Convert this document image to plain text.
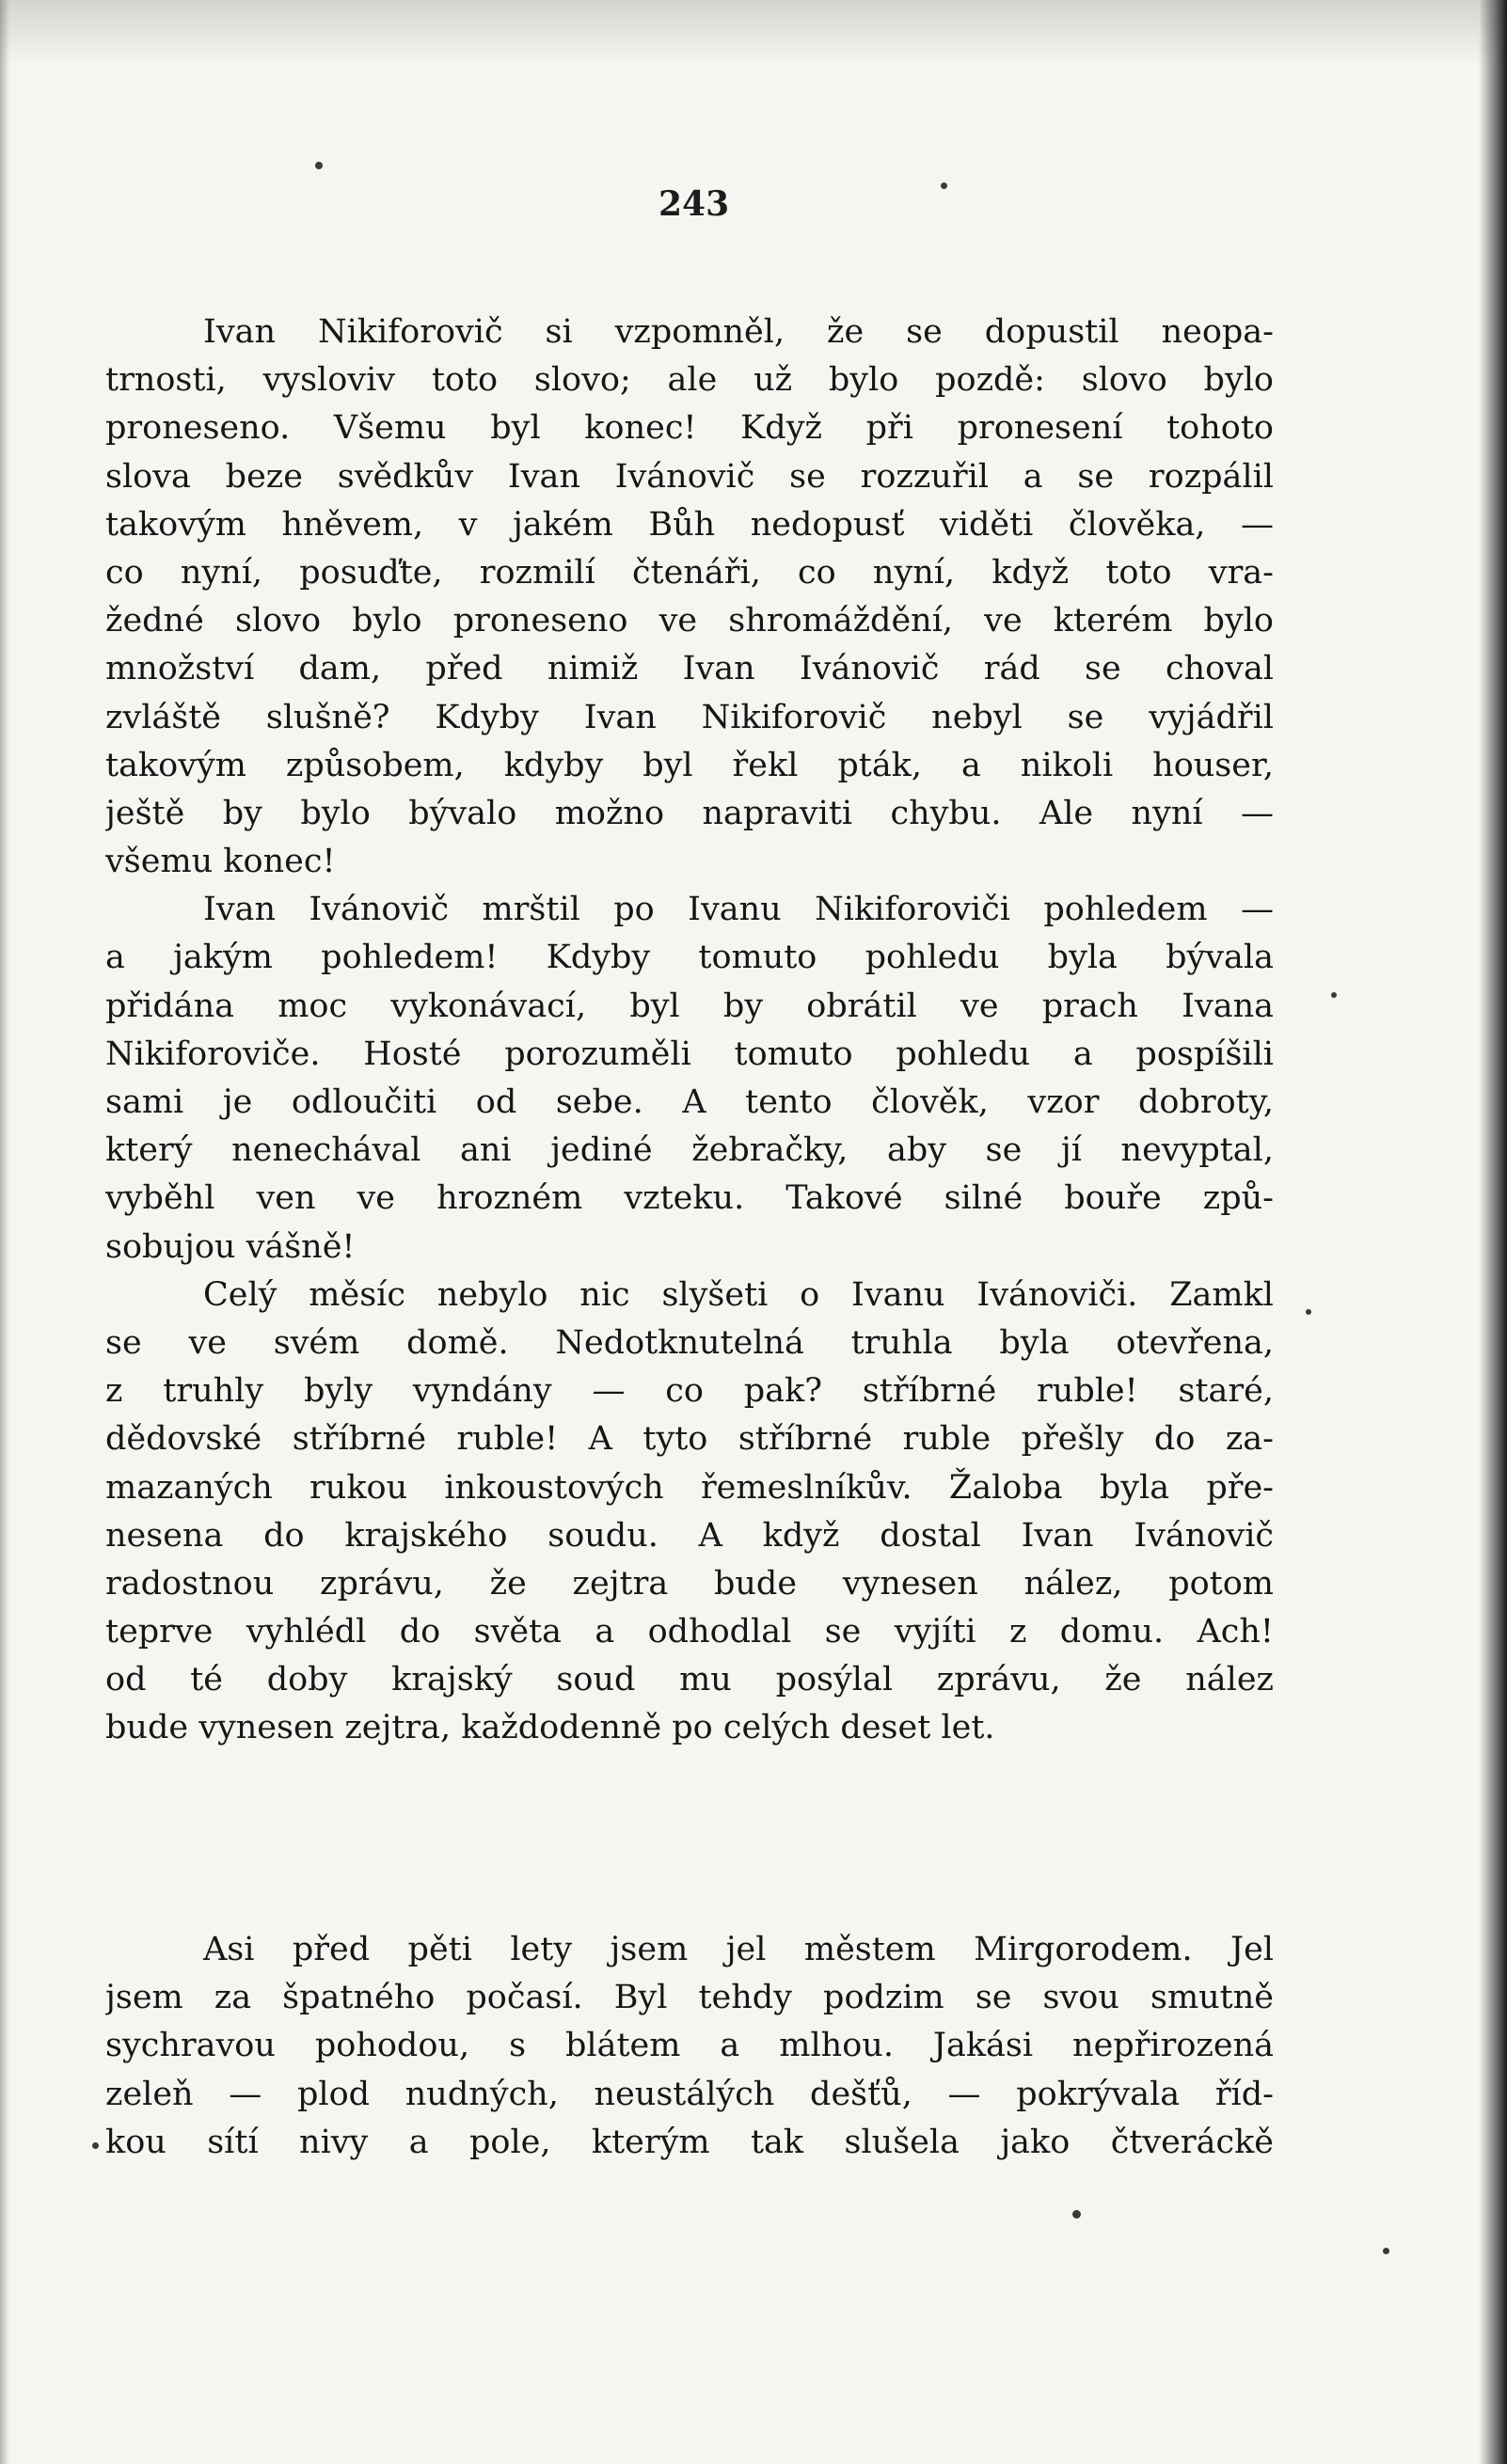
243
Ivan Nikiforovič si vzpomněl, že se dopustil neopa-
trnosti, vysloviv toto slovo; ale už bylo pozdě: slovo bylo
proneseno. Všemu byl konec! Když při pronesení tohoto
slova beze svědkův Ivan Ivánovič se rozzuřil a se rozpálil
takovým hněvem, v jakém Bůh nedopusť viděti člověka, —
co nyní, posuďte, rozmilí čtenáři, co nyní, když toto vra-
žedné slovo bylo proneseno ve shromáždění, ve kterém bylo
množství dam, před nimiž Ivan Ivánovič rád se choval
zvláště slušně? Kdyby Ivan Nikiforovič nebyl se vyjádřil
takovým způsobem, kdyby byl řekl pták, a nikoli houser,
ještě by bylo bývalo možno napraviti chybu. Ale nyní —
všemu konec!
Ivan Ivánovič mrštil po Ivanu Nikiforoviči pohledem —
a jakým pohledem! Kdyby tomuto pohledu byla bývala
přidána moc vykonávací, byl by obrátil ve prach Ivana
Nikiforoviče. Hosté porozuměli tomuto pohledu a pospíšili
sami je odloučiti od sebe. A tento člověk, vzor dobroty,
který nenechával ani jediné žebračky, aby se jí nevyptal,
vyběhl ven ve hrozném vzteku. Takové silné bouře způ-
sobujou vášně!
Celý měsíc nebylo nic slyšeti o Ivanu Ivánoviči. Zamkl
se ve svém domě. Nedotknutelná truhla byla otevřena,
z truhly byly vyndány — co pak? stříbrné ruble! staré,
dědovské stříbrné ruble! A tyto stříbrné ruble přešly do za-
mazaných rukou inkoustových řemeslníkův. Žaloba byla pře-
nesena do krajského soudu. A když dostal Ivan Ivánovič
radostnou zprávu, že zejtra bude vynesen nález, potom
teprve vyhlédl do světa a odhodlal se vyjíti z domu. Ach!
od té doby krajský soud mu posýlal zprávu, že nález
bude vynesen zejtra, každodenně po celých deset let.
Asi před pěti lety jsem jel městem Mirgorodem. Jel
jsem za špatného počasí. Byl tehdy podzim se svou smutně
sychravou pohodou, s blátem a mlhou. Jakási nepřirozená
zeleň — plod nudných, neustálých dešťů, — pokrývala říd-
kou sítí nivy a pole, kterým tak slušela jako čtveráckě
